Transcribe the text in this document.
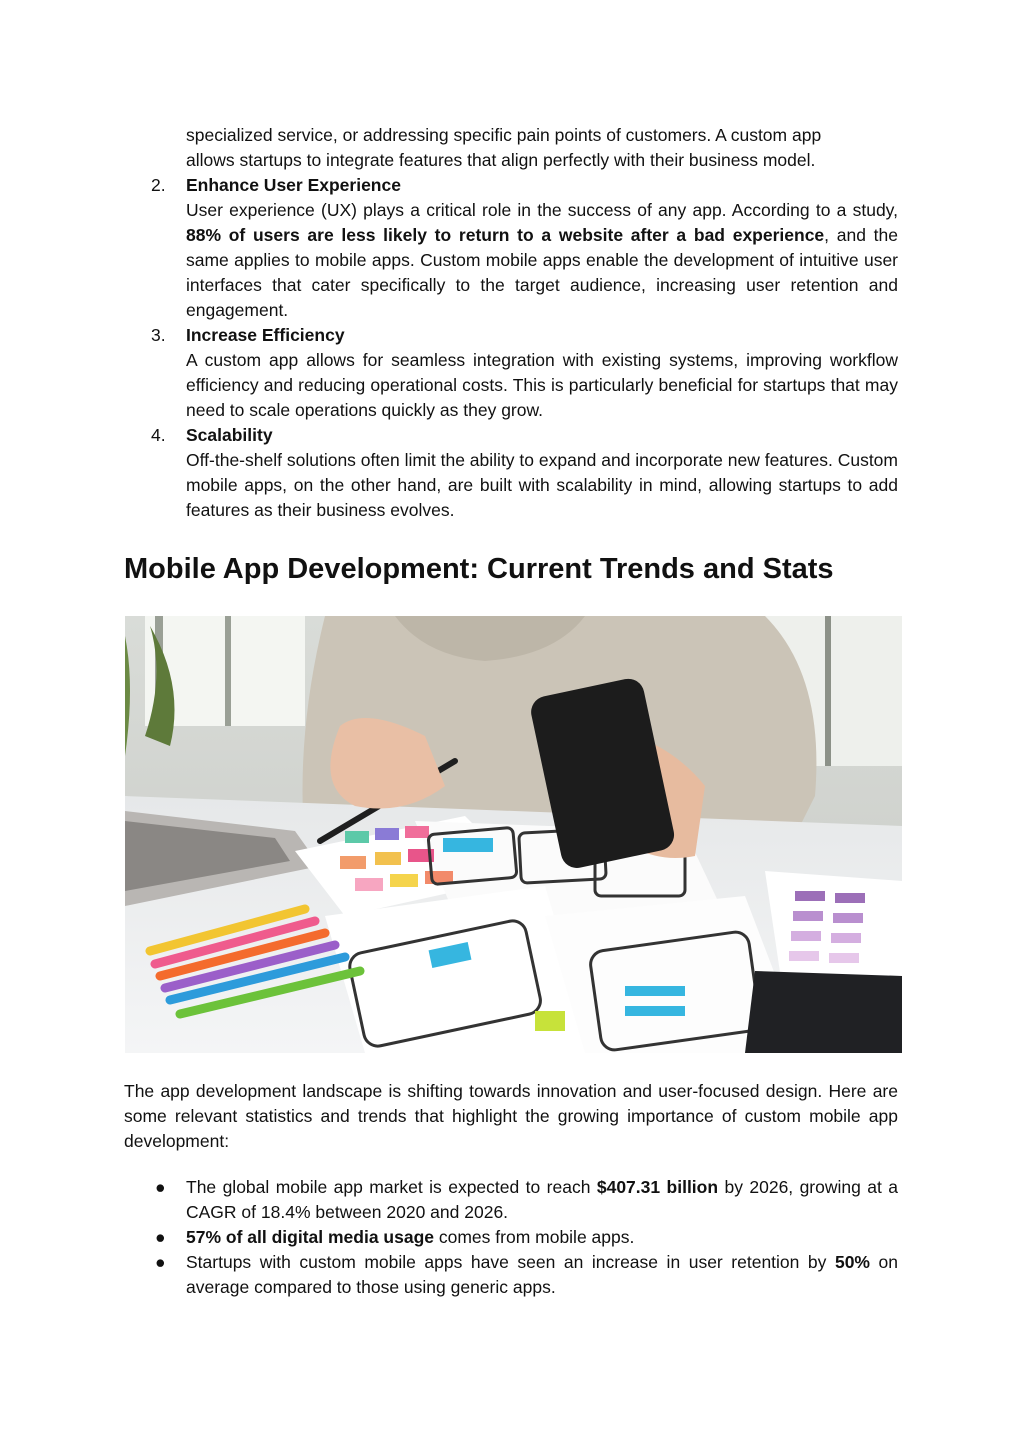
specialized service, or addressing specific pain points of customers. A custom app

allows startups to integrate features that align perfectly with their business model.

2. Enhance User Experience

User experience (UX) plays a critical role in the success of any app. According to a study, 88% of users are less likely to return to a website after a bad experience, and the same applies to mobile apps. Custom mobile apps enable the development of intuitive user interfaces that cater specifically to the target audience, increasing user retention and engagement.

3. Increase Efficiency

A custom app allows for seamless integration with existing systems, improving workflow efficiency and reducing operational costs. This is particularly beneficial for startups that may need to scale operations quickly as they grow.

4. Scalability

Off-the-shelf solutions often limit the ability to expand and incorporate new features. Custom mobile apps, on the other hand, are built with scalability in mind, allowing startups to add features as their business evolves.

Mobile App Development: Current Trends and Stats

The app development landscape is shifting towards innovation and user-focused design. Here are some relevant statistics and trends that highlight the growing importance of custom mobile app development:

● The global mobile app market is expected to reach $407.31 billion by 2026, growing at a CAGR of 18.4% between 2020 and 2026.

● 57% of all digital media usage comes from mobile apps.

● Startups with custom mobile apps have seen an increase in user retention by 50% on average compared to those using generic apps.
